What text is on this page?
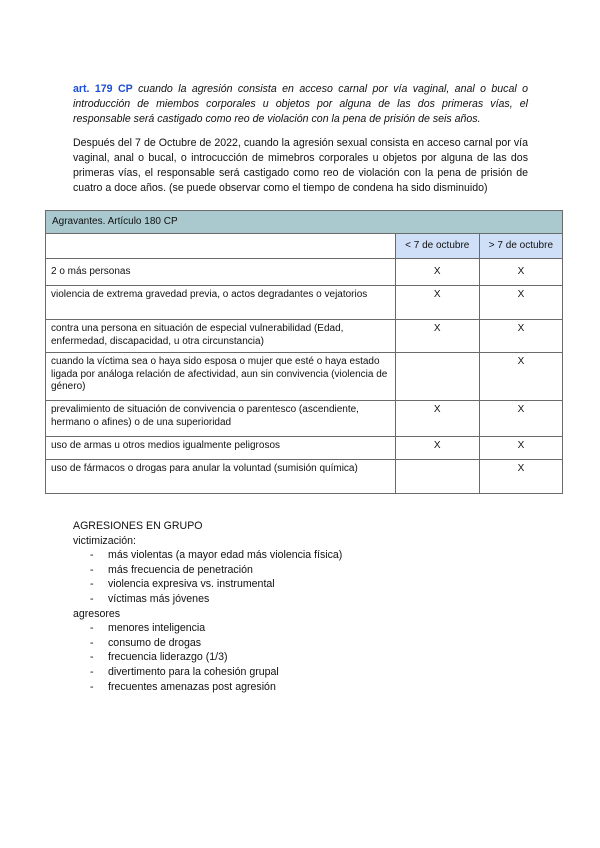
art. 179 CP cuando la agresión consista en acceso carnal por vía vaginal, anal o bucal o introducción de miembos corporales u objetos por alguna de las dos primeras vías, el responsable será castigado como reo de violación con la pena de prisión de seis años.

Después del 7 de Octubre de 2022, cuando la agresión sexual consista en acceso carnal por vía vaginal, anal o bucal, o introcucción de mimebros corporales u objetos por alguna de las dos primeras vías, el responsable será castigado como reo de violación con la pena de prisión de cuatro a doce años. (se puede observar como el tiempo de condena ha sido disminuido)

Agravantes. Artículo 180 CP		
	< 7 de octubre	> 7 de octubre
2 o más personas	X	X
violencia de extrema gravedad previa, o actos degradantes o vejatorios	X	X
contra una persona en situación de especial vulnerabilidad (Edad, enfermedad, discapacidad, u otra circunstancia)	X	X
cuando la víctima sea o haya sido esposa o mujer que esté o haya estado ligada por análoga relación de afectividad, aun sin convivencia (violencia de género)		X
prevalimiento de situación de convivencia o parentesco (ascendiente, hermano o afines) o de una superioridad	X	X
uso de armas u otros medios igualmente peligrosos	X	X
uso de fármacos o drogas para anular la voluntad (sumisión química)		X

AGRESIONES EN GRUPO

victimización:

- más violentas (a mayor edad más violencia física)
- más frecuencia de penetración
- violencia expresiva vs. instrumental
- víctimas más jóvenes

agresores

- menores inteligencia
- consumo de drogas
- frecuencia liderazgo (1/3)
- divertimento para la cohesión grupal
- frecuentes amenazas post agresión
